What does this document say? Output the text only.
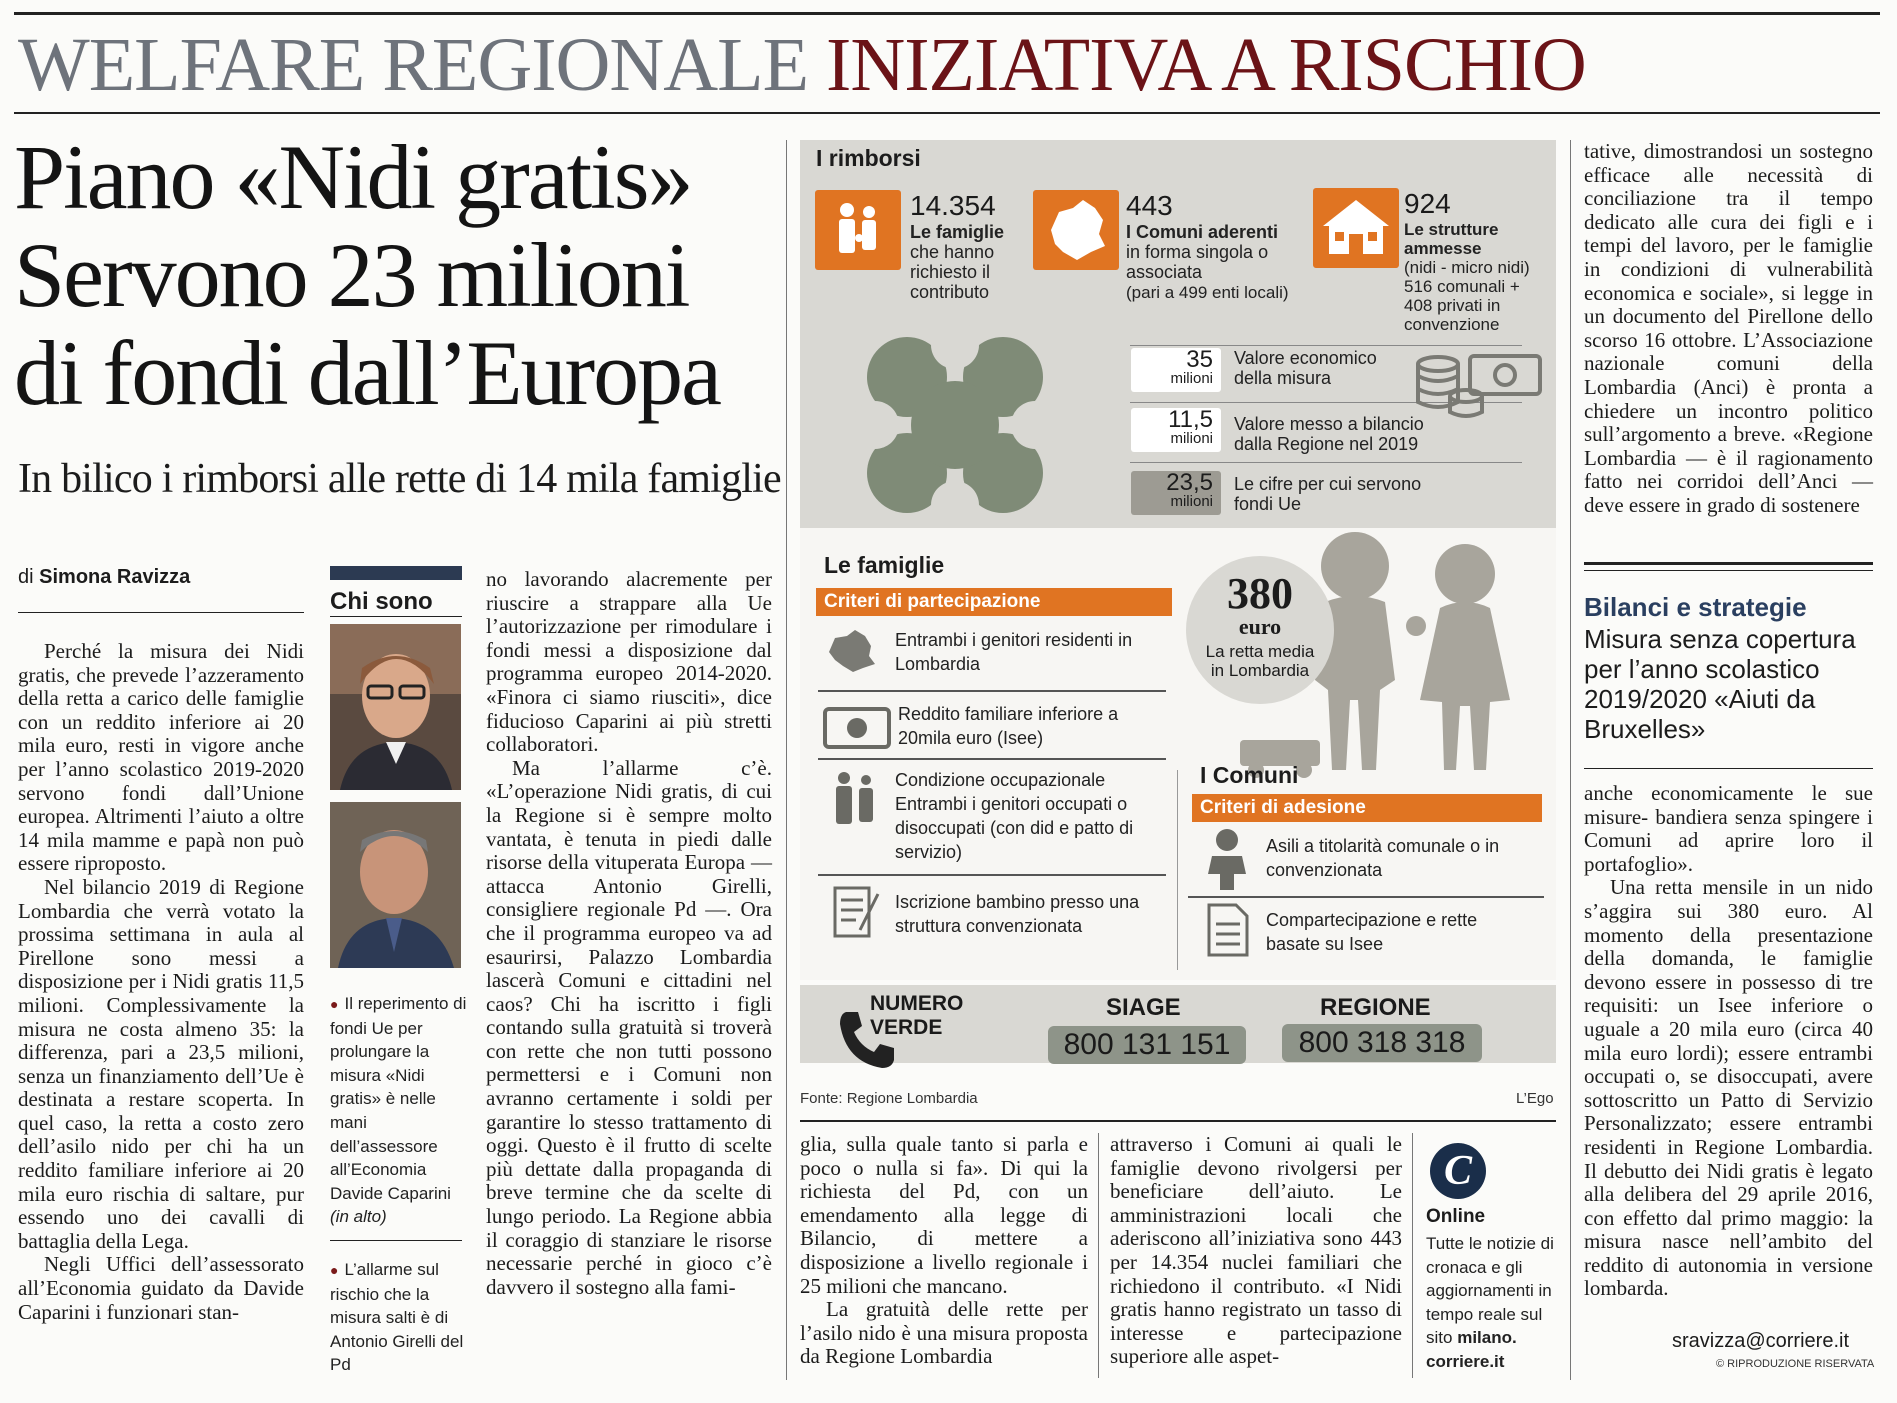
WELFARE REGIONALE INIZIATIVA A RISCHIO
Piano «Nidi gratis»
Servono 23 milioni
di fondi dall’Europa
In bilico i rimborsi alle rette di 14 mila famiglie
di Simona Ravizza

Perché la misura dei Nidi gratis, che prevede l’azzeramento della retta a carico delle famiglie con un reddito inferiore ai 20 mila euro, resti in vigore anche per l’anno scolastico 2019-2020 servono fondi dall’Unione europea. Altrimenti l’aiuto a oltre 14 mila mamme e papà non può essere riproposto.

Nel bilancio 2019 di Regione Lombardia che verrà votato la prossima settimana in aula al Pirellone sono messi a disposizione per i Nidi gratis 11,5 milioni. Complessivamente la misura ne costa almeno 35: la differenza, pari a 23,5 milioni, senza un finanziamento dell’Ue è destinata a restare scoperta. In quel caso, la retta a costo zero dell’asilo nido per chi ha un reddito familiare inferiore ai 20 mila euro rischia di saltare, pur essendo uno dei cavalli di battaglia della Lega.

Negli Uffici dell’assessorato all’Economia guidato da Davide Caparini i funzionari stan-

Chi sono
● Il reperimento di fondi Ue per prolungare la misura «Nidi gratis» è nelle mani dell’assessore all’Economia Davide Caparini (in alto)
● L’allarme sul rischio che la misura salti è di Antonio Girelli del Pd

no lavorando alacremente per riuscire a strappare alla Ue l’autorizzazione per rimodulare i fondi messi a disposizione dal programma europeo 2014-2020. «Finora ci siamo riusciti», dice fiducioso Caparini ai più stretti collaboratori.

Ma l’allarme c’è. «L’operazione Nidi gratis, di cui la Regione si è sempre molto vantata, è tenuta in piedi dalle risorse della vituperata Europa — attacca Antonio Girelli, consigliere regionale Pd —. Ora che il programma europeo va ad esaurirsi, Palazzo Lombardia lascerà Comuni e cittadini nel caos? Chi ha iscritto i figli contando sulla gratuità si troverà con rette che non tutti possono permettersi e i Comuni non avranno certamente i soldi per garantire lo stesso trattamento di oggi. Questo è il frutto di scelte più dettate dalla propaganda di breve termine che da scelte di lungo periodo. La Regione abbia il coraggio di stanziare le risorse necessarie perché in gioco c’è davvero il sostegno alla fami-

I rimborsi
14.354
Le famiglie
che hanno richiesto il contributo
443
I Comuni aderenti
in forma singola o associata
(pari a 499 enti locali)
924
Le strutture ammesse
(nidi - micro nidi) 516 comunali + 408 privati in convenzione
35
milioni
Valore economico della misura
11,5
milioni
Valore messo a bilancio dalla Regione nel 2019
23,5
milioni
Le cifre per cui servono fondi Ue
Le famiglie
Criteri di partecipazione
Entrambi i genitori residenti in Lombardia
Reddito familiare inferiore a 20mila euro (Isee)
Condizione occupazionale Entrambi i genitori occupati o disoccupati (con did e patto di servizio)
Iscrizione bambino presso una struttura convenzionata
380
euro
La retta media in Lombardia
I Comuni
Criteri di adesione
Asili a titolarità comunale o in convenzionata
Compartecipazione e rette basate su Isee
NUMERO VERDE
SIAGE
800 131 151
REGIONE
800 318 318
Fonte: Regione Lombardia	L’Ego

glia, sulla quale tanto si parla e poco o nulla si fa». Di qui la richiesta del Pd, con un emendamento alla legge di Bilancio, di mettere a disposizione a livello regionale i 25 milioni che mancano.

La gratuità delle rette per l’asilo nido è una misura proposta da Regione Lombardia

attraverso i Comuni ai quali le famiglie devono rivolgersi per beneficiare dell’aiuto. Le amministrazioni locali che aderiscono all’iniziativa sono 443 per 14.354 nuclei familiari che richiedono il contributo. «I Nidi gratis hanno registrato un tasso di interesse e partecipazione superiore alle aspet-

C
Online
Tutte le notizie di cronaca e gli aggiornamenti in tempo reale sul sito milano. corriere.it

tative, dimostrandosi un sostegno efficace alle necessità di conciliazione tra il tempo dedicato alle cura dei figli e i tempi del lavoro, per le famiglie in condizioni di vulnerabilità economica e sociale», si legge in un documento del Pirellone dello scorso 16 ottobre. L’Associazione nazionale comuni della Lombardia (Anci) è pronta a chiedere un incontro politico sull’argomento a breve. «Regione Lombardia — è il ragionamento fatto nei corridoi dell’Anci — deve essere in grado di sostenere

Bilanci e strategie
Misura senza copertura per l’anno scolastico 2019/2020 «Aiuti da Bruxelles»

anche economicamente le sue misure- bandiera senza spingere i Comuni ad aprire loro il portafoglio».

Una retta mensile in un nido s’aggira sui 380 euro. Al momento della presentazione della domanda, le famiglie devono essere in possesso di tre requisiti: un Isee inferiore o uguale a 20 mila euro (circa 40 mila euro lordi); essere entrambi occupati o, se disoccupati, avere sottoscritto un Patto di Servizio Personalizzato; essere entrambi residenti in Regione Lombardia. Il debutto dei Nidi gratis è legato alla delibera del 29 aprile 2016, con effetto dal primo maggio: la misura nasce nell’ambito del reddito di autonomia in versione lombarda.

sravizza@corriere.it
© RIPRODUZIONE RISERVATA
